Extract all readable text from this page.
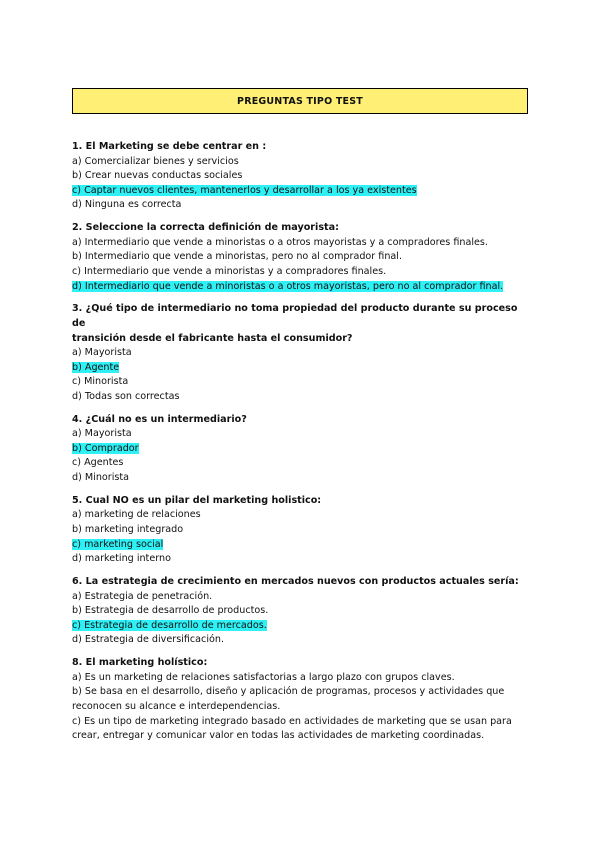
PREGUNTAS TIPO TEST
1. El Marketing se debe centrar en :
a) Comercializar bienes y servicios
b) Crear nuevas conductas sociales
c) Captar nuevos clientes, mantenerlos y desarrollar a los ya existentes
d) Ninguna es correcta
2. Seleccione la correcta definición de mayorista:
a) Intermediario que vende a minoristas o a otros mayoristas y a compradores finales.
b) Intermediario que vende a minoristas, pero no al comprador final.
c) Intermediario que vende a minoristas y a compradores finales.
d) Intermediario que vende a minoristas o a otros mayoristas, pero no al comprador final.
3. ¿Qué tipo de intermediario no toma propiedad del producto durante su proceso de
transición desde el fabricante hasta el consumidor?
a) Mayorista
b) Agente
c) Minorista
d) Todas son correctas
4. ¿Cuál no es un intermediario?
a) Mayorista
b) Comprador
c) Agentes
d) Minorista
5. Cual NO es un pilar del marketing holistico:
a) marketing de relaciones
b) marketing integrado
c) marketing social
d) marketing interno
6. La estrategia de crecimiento en mercados nuevos con productos actuales sería:
a) Estrategia de penetración.
b) Estrategia de desarrollo de productos.
c) Estrategia de desarrollo de mercados.
d) Estrategia de diversificación.
8. El marketing holístico:
a) Es un marketing de relaciones satisfactorias a largo plazo con grupos claves.
b) Se basa en el desarrollo, diseño y aplicación de programas, procesos y actividades que
reconocen su alcance e interdependencias.
c) Es un tipo de marketing integrado basado en actividades de marketing que se usan para
crear, entregar y comunicar valor en todas las actividades de marketing coordinadas.
